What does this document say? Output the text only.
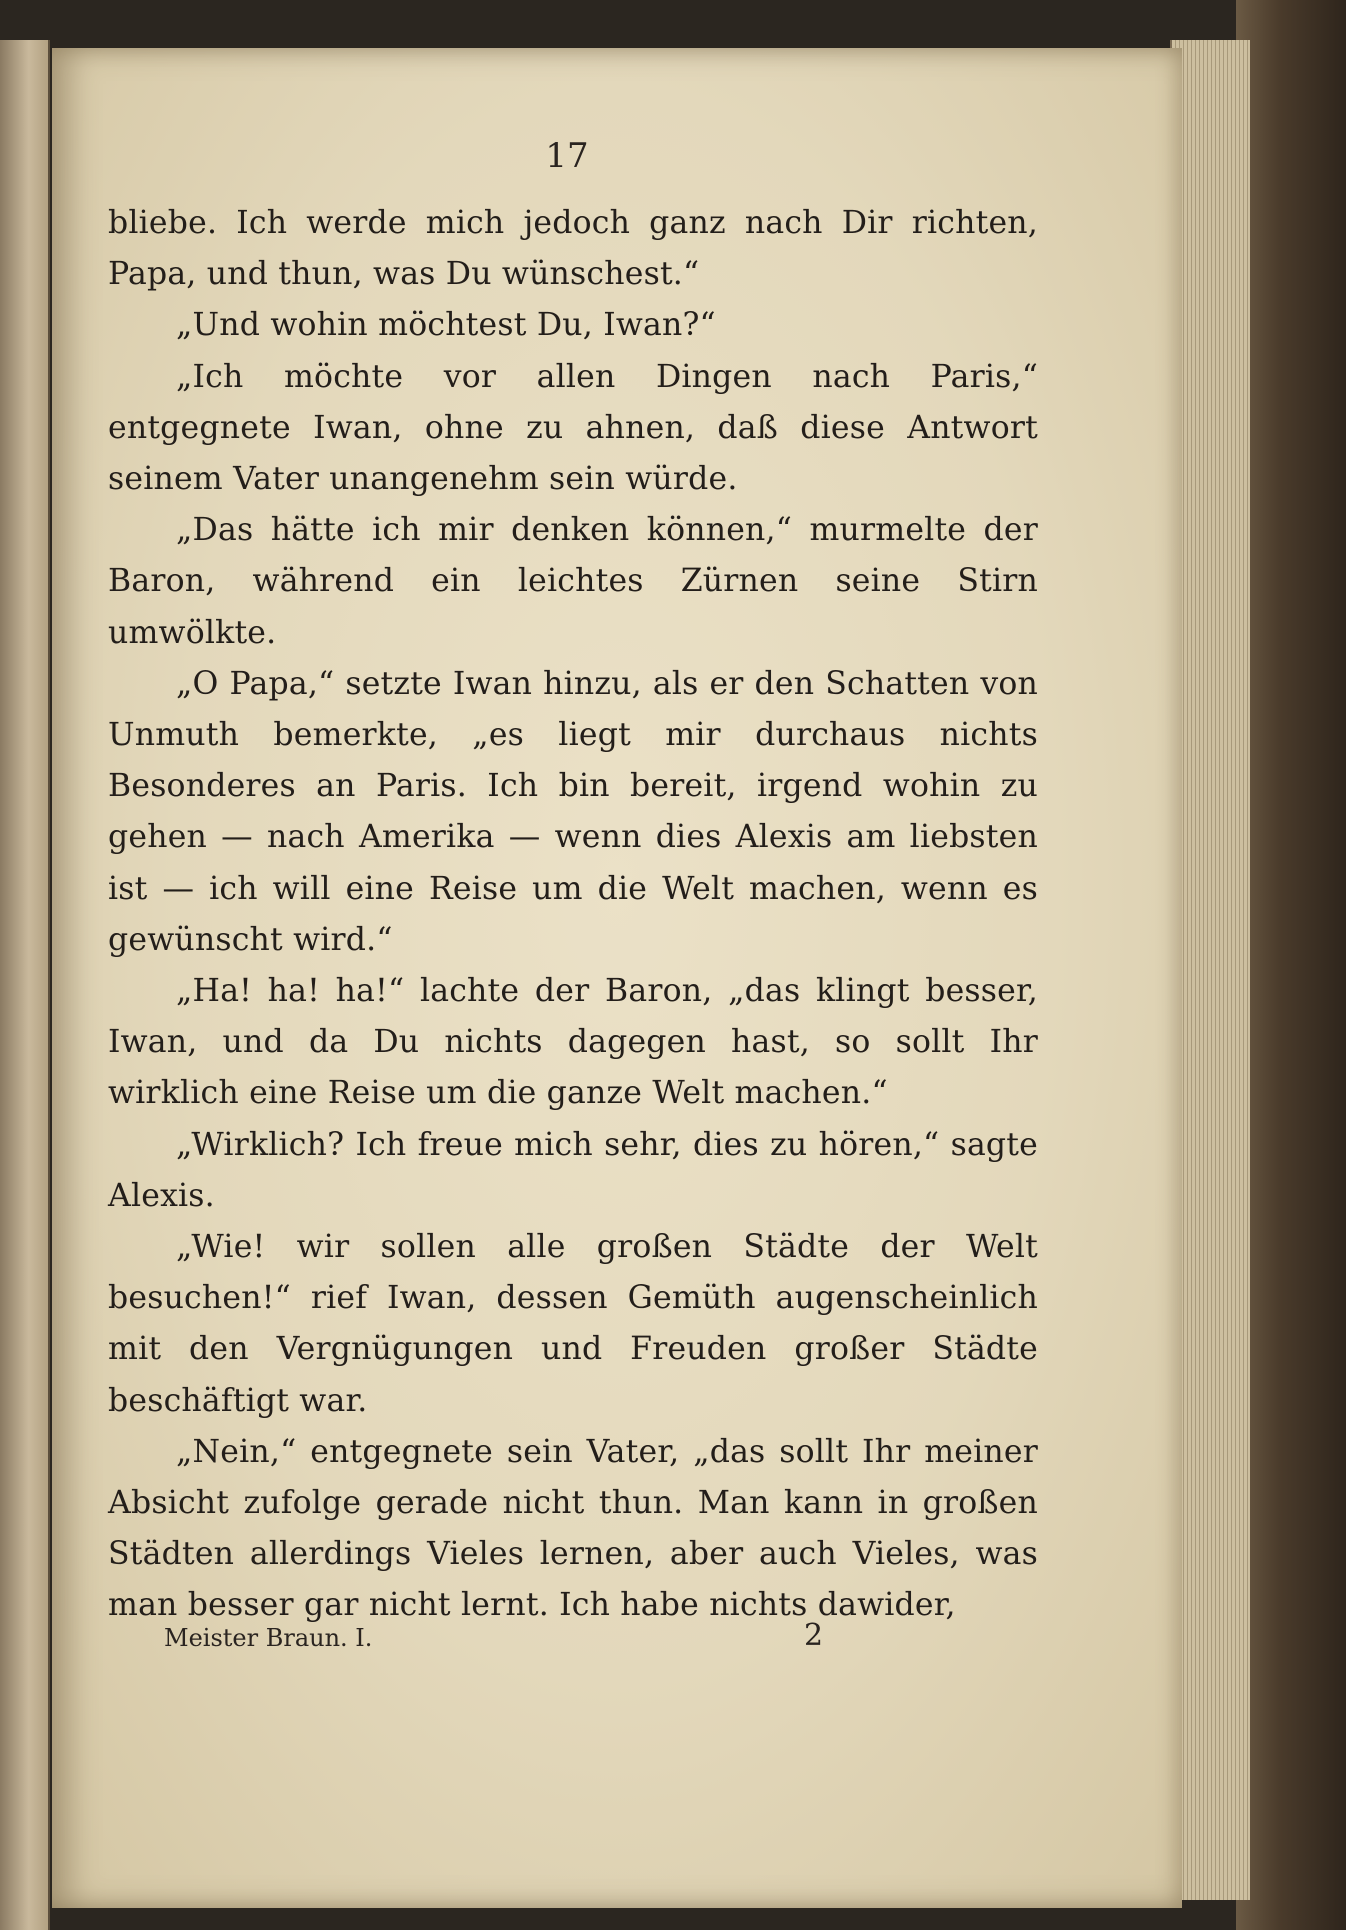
17

bliebe. Ich werde mich jedoch ganz nach Dir richten, Papa, und thun, was Du wünschest.“

„Und wohin möchtest Du, Iwan?“

„Ich möchte vor allen Dingen nach Paris,“ entgegnete Iwan, ohne zu ahnen, daß diese Antwort seinem Vater unangenehm sein würde.

„Das hätte ich mir denken können,“ murmelte der Baron, während ein leichtes Zürnen seine Stirn umwölkte.

„O Papa,“ setzte Iwan hinzu, als er den Schatten von Unmuth bemerkte, „es liegt mir durchaus nichts Besonderes an Paris. Ich bin bereit, irgend wohin zu gehen — nach Amerika — wenn dies Alexis am liebsten ist — ich will eine Reise um die Welt machen, wenn es gewünscht wird.“

„Ha! ha! ha!“ lachte der Baron, „das klingt besser, Iwan, und da Du nichts dagegen hast, so sollt Ihr wirklich eine Reise um die ganze Welt machen.“

„Wirklich? Ich freue mich sehr, dies zu hören,“ sagte Alexis.

„Wie! wir sollen alle großen Städte der Welt besuchen!“ rief Iwan, dessen Gemüth augenscheinlich mit den Vergnügungen und Freuden großer Städte beschäftigt war.

„Nein,“ entgegnete sein Vater, „das sollt Ihr meiner Absicht zufolge gerade nicht thun. Man kann in großen Städten allerdings Vieles lernen, aber auch Vieles, was man besser gar nicht lernt. Ich habe nichts dawider,

Meister Braun. I.	2
